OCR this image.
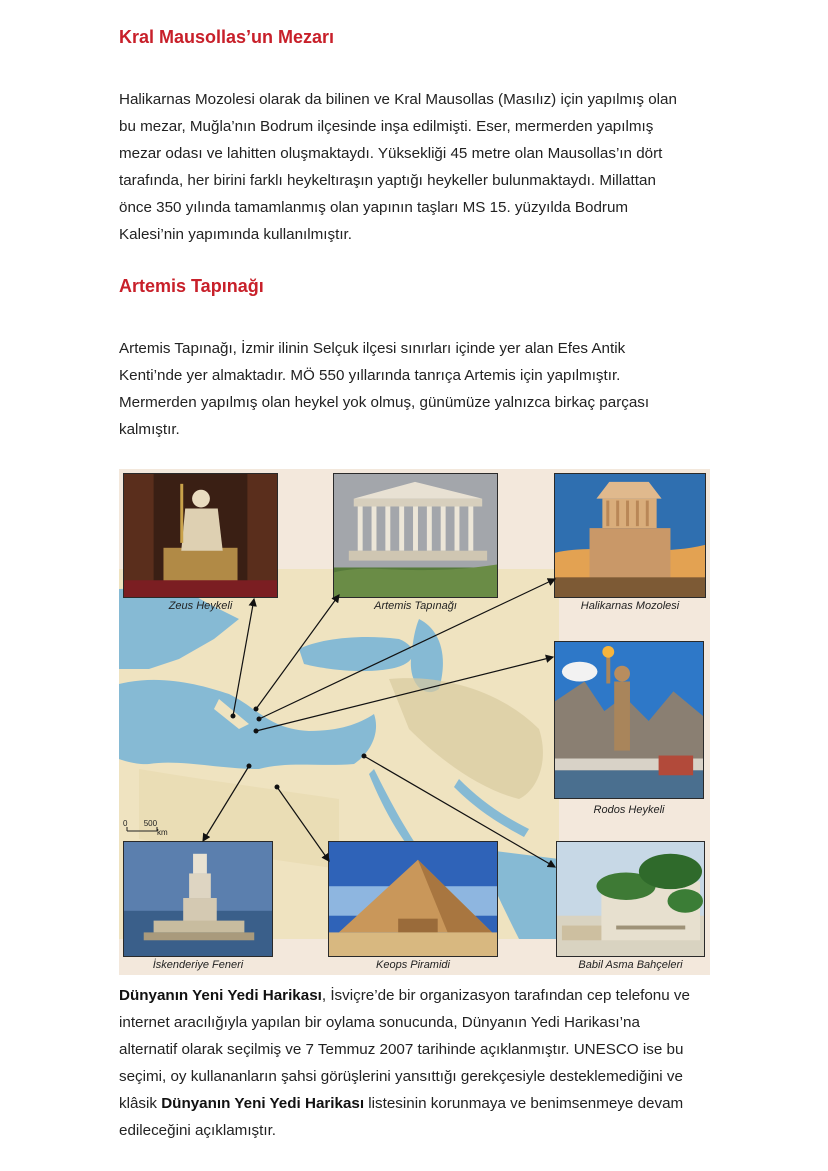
Kral Mausollas’un Mezarı

Halikarnas Mozolesi olarak da bilinen ve Kral Mausollas (Masılız) için yapılmış olan
bu mezar, Muğla’nın Bodrum ilçesinde inşa edilmişti. Eser, mermerden yapılmış
mezar odası ve lahitten oluşmaktaydı. Yüksekliği 45 metre olan Mausollas’ın dört
tarafında, her birini farklı heykeltıraşın yaptığı heykeller bulunmaktaydı. Millattan
önce 350 yılında tamamlanmış olan yapının taşları MS 15. yüzyılda Bodrum
Kalesi’nin yapımında kullanılmıştır.

Artemis Tapınağı

Artemis Tapınağı, İzmir ilinin Selçuk ilçesi sınırları içinde yer alan Efes Antik
Kenti’nde yer almaktadır. MÖ 550 yıllarında tanrıça Artemis için yapılmıştır.
Mermerden yapılmış olan heykel yok olmuş, günümüze yalnızca birkaç parçası
kalmıştır.

0 500
km
Zeus Heykeli	Artemis Tapınağı	Halikarnas Mozolesi
Rodos Heykeli
İskenderiye Feneri	Keops Piramidi	Babil Asma Bahçeleri

Dünyanın Yeni Yedi Harikası, İsviçre’de bir organizasyon tarafından cep telefonu ve
internet aracılığıyla yapılan bir oylama sonucunda, Dünyanın Yedi Harikası’na
alternatif olarak seçilmiş ve 7 Temmuz 2007 tarihinde açıklanmıştır. UNESCO ise bu
seçimi, oy kullananların şahsi görüşlerini yansıttığı gerekçesiyle desteklemediğini ve
klâsik Dünyanın Yeni Yedi Harikası listesinin korunmaya ve benimsenmeye devam
edileceğini açıklamıştır.
